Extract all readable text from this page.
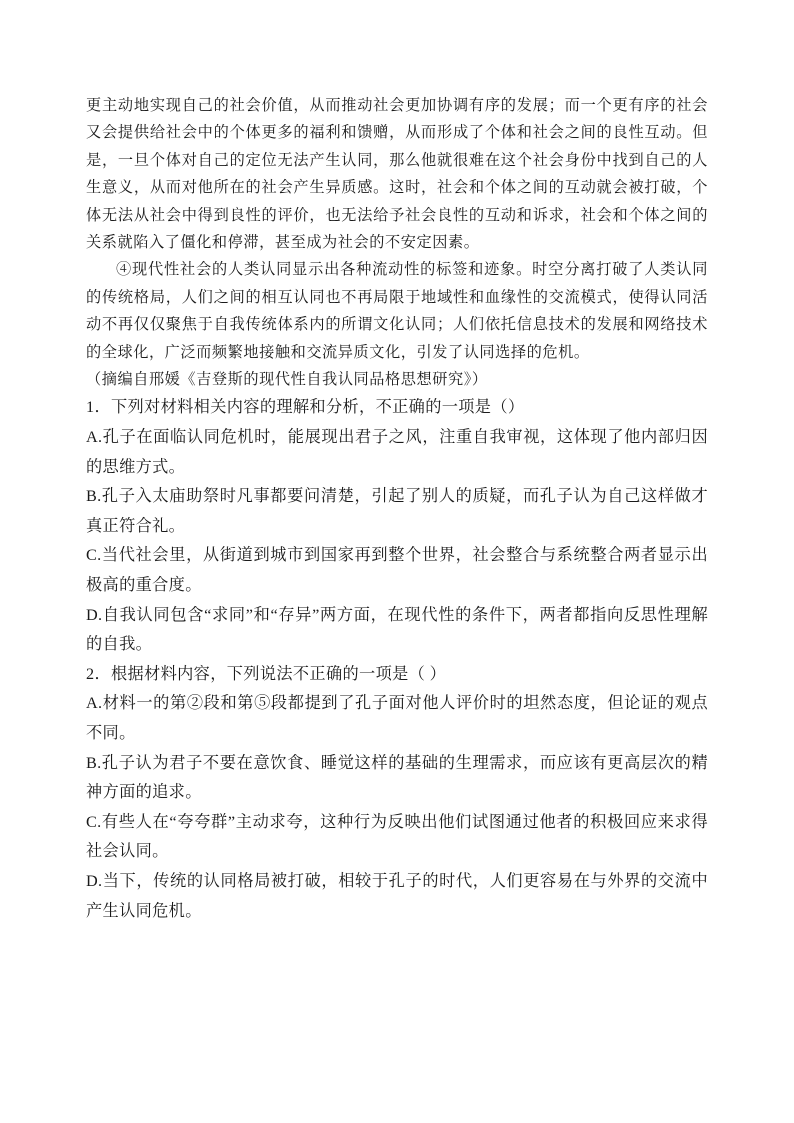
更主动地实现自己的社会价值，从而推动社会更加协调有序的发展；而一个更有序的社会又会提供给社会中的个体更多的福利和馈赠，从而形成了个体和社会之间的良性互动。但是，一旦个体对自己的定位无法产生认同，那么他就很难在这个社会身份中找到自己的人生意义，从而对他所在的社会产生异质感。这时，社会和个体之间的互动就会被打破，个体无法从社会中得到良性的评价，也无法给予社会良性的互动和诉求，社会和个体之间的关系就陷入了僵化和停滞，甚至成为社会的不安定因素。

④现代性社会的人类认同显示出各种流动性的标签和迹象。时空分离打破了人类认同的传统格局，人们之间的相互认同也不再局限于地域性和血缘性的交流模式，使得认同活动不再仅仅聚焦于自我传统体系内的所谓文化认同；人们依托信息技术的发展和网络技术的全球化，广泛而频繁地接触和交流异质文化，引发了认同选择的危机。

（摘编自邢媛《吉登斯的现代性自我认同品格思想研究》）

1．下列对材料相关内容的理解和分析，不正确的一项是（）

A.孔子在面临认同危机时，能展现出君子之风，注重自我审视，这体现了他内部归因的思维方式。

B.孔子入太庙助祭时凡事都要问清楚，引起了别人的质疑，而孔子认为自己这样做才真正符合礼。

C.当代社会里，从街道到城市到国家再到整个世界，社会整合与系统整合两者显示出极高的重合度。

D.自我认同包含“求同”和“存异”两方面，在现代性的条件下，两者都指向反思性理解的自我。

2．根据材料内容，下列说法不正确的一项是（ ）

A.材料一的第②段和第⑤段都提到了孔子面对他人评价时的坦然态度，但论证的观点不同。

B.孔子认为君子不要在意饮食、睡觉这样的基础的生理需求，而应该有更高层次的精神方面的追求。

C.有些人在“夸夸群”主动求夸，这种行为反映出他们试图通过他者的积极回应来求得社会认同。

D.当下，传统的认同格局被打破，相较于孔子的时代，人们更容易在与外界的交流中产生认同危机。
